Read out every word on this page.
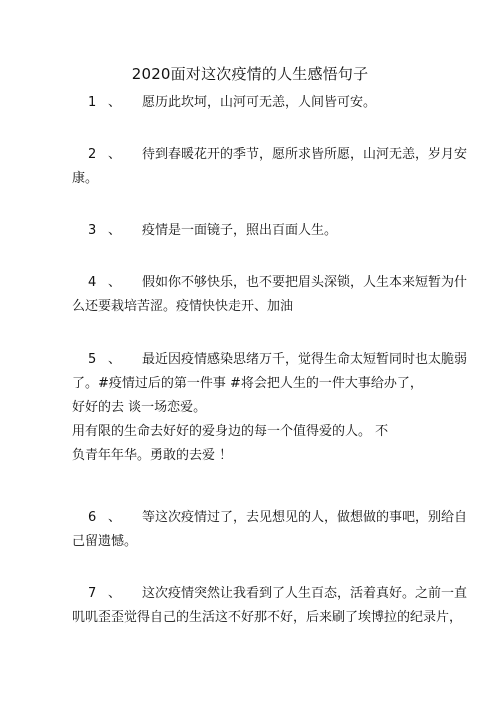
2020面对这次疫情的人生感悟句子
1 、 愿历此坎坷，山河可无恙，人间皆可安。
2 、 待到春暖花开的季节，愿所求皆所愿，山河无恙，岁月安
康。
3 、 疫情是一面镜子，照出百面人生。
4 、 假如你不够快乐，也不要把眉头深锁，人生本来短暂为什
么还要栽培苦涩。疫情快快走开、加油
5 、 最近因疫情感染思绪万千，觉得生命太短暂同时也太脆弱
了。#疫情过后的第一件事 #将会把人生的一件大事给办了，
好好的去 谈一场恋爱。
用有限的生命去好好的爱身边的每一个值得爱的人。 不
负青年年华。勇敢的去爱 ！
6 、 等这次疫情过了，去见想见的人，做想做的事吧，别给自
己留遗憾。
7 、 这次疫情突然让我看到了人生百态，活着真好。之前一直
叽叽歪歪觉得自己的生活这不好那不好，后来刷了埃博拉的纪录片，
